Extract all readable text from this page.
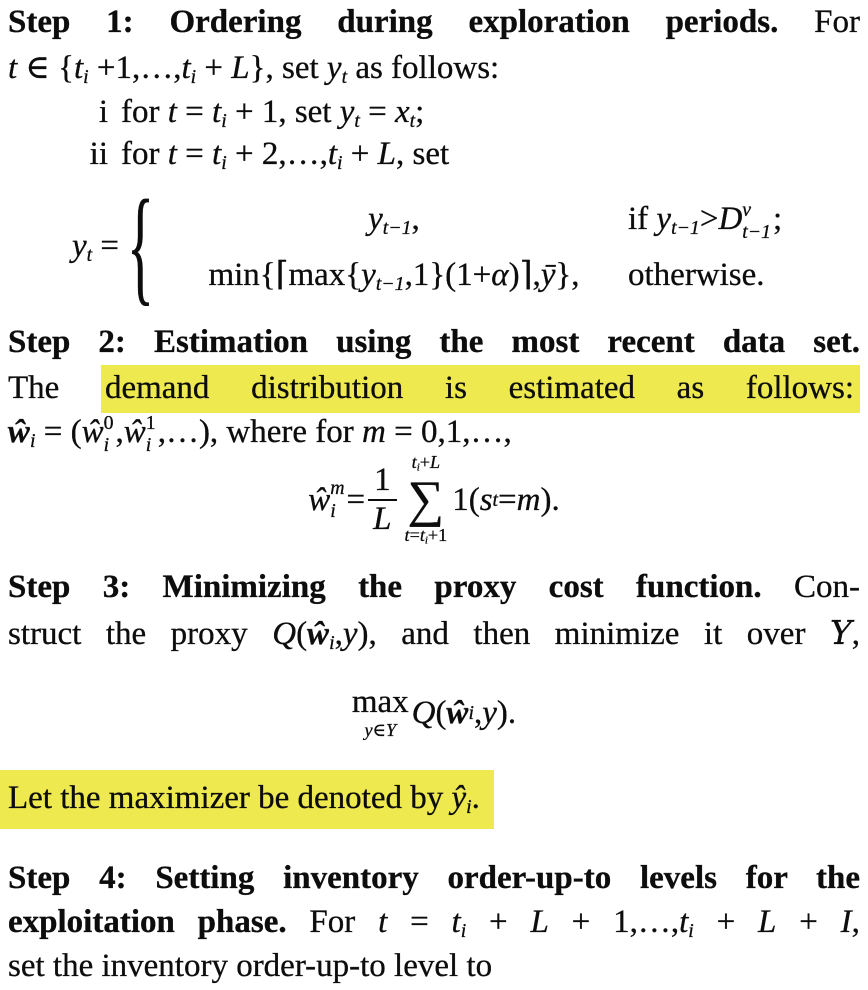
Step 1: Ordering during exploration periods. For
t ∈ {ti +1,…,ti + L}, set yt as follows:
i for t = ti + 1, set yt = xt;
ii for t = ti + 2,…,ti + L, set
yt = {	yt−1,	if yt−1>D v
t−1 ;
min{⌈max{yt−1,1}(1+α)⌉,ȳ},	otherwise.
Step 2: Estimation using the most recent data set.
The demand distribution is estimated as follows:
ŵi = (ŵ 0
i ,ŵ 1
i ,…), where for m = 0,1,…,
ŵ m
$i = \frac{1}{L} ti+L$
∑
t=ti+1
1( s t = m ).
Step 3: Minimizing the proxy cost function. Con-
struct the proxy Q(ŵi,y), and then minimize it over Y,
max
y∈Y Q ( ŵ i , y ).
Let the maximizer be denoted by ŷi.
Step 4: Setting inventory order-up-to levels for the
exploitation phase. For t = ti + L + 1,…,ti + L + I,
set the inventory order-up-to level to
